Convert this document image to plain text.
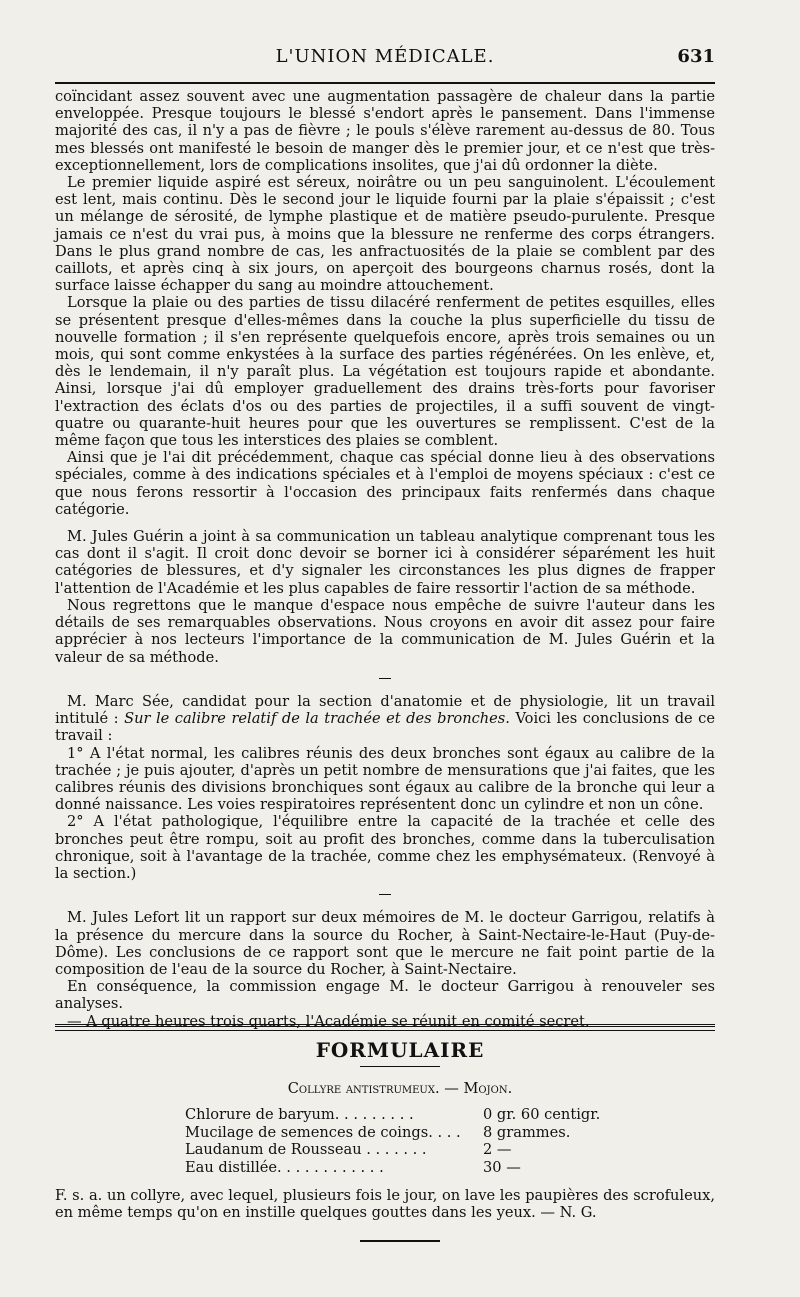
L'UNION MÉDICALE.	631

coïncidant assez souvent avec une augmentation passagère de chaleur dans la partie enveloppée. Presque toujours le blessé s'endort après le pansement. Dans l'immense majorité des cas, il n'y a pas de fièvre ; le pouls s'élève rarement au-dessus de 80. Tous mes blessés ont manifesté le besoin de manger dès le premier jour, et ce n'est que très-exceptionnellement, lors de complications insolites, que j'ai dû ordonner la diète.

Le premier liquide aspiré est séreux, noirâtre ou un peu sanguinolent. L'écoulement est lent, mais continu. Dès le second jour le liquide fourni par la plaie s'épaissit ; c'est un mélange de sérosité, de lymphe plastique et de matière pseudo-purulente. Presque jamais ce n'est du vrai pus, à moins que la blessure ne renferme des corps étrangers. Dans le plus grand nombre de cas, les anfractuosités de la plaie se comblent par des caillots, et après cinq à six jours, on aperçoit des bourgeons charnus rosés, dont la surface laisse échapper du sang au moindre attouchement.

Lorsque la plaie ou des parties de tissu dilacéré renferment de petites esquilles, elles se présentent presque d'elles-mêmes dans la couche la plus superficielle du tissu de nouvelle formation ; il s'en représente quelquefois encore, après trois semaines ou un mois, qui sont comme enkystées à la surface des parties régénérées. On les enlève, et, dès le lendemain, il n'y paraît plus. La végétation est toujours rapide et abondante. Ainsi, lorsque j'ai dû employer graduellement des drains très-forts pour favoriser l'extraction des éclats d'os ou des parties de projectiles, il a suffi souvent de vingt-quatre ou quarante-huit heures pour que les ouvertures se remplissent. C'est de la même façon que tous les interstices des plaies se comblent.

Ainsi que je l'ai dit précédemment, chaque cas spécial donne lieu à des observations spéciales, comme à des indications spéciales et à l'emploi de moyens spéciaux : c'est ce que nous ferons ressortir à l'occasion des principaux faits renfermés dans chaque catégorie.

M. Jules Guérin a joint à sa communication un tableau analytique comprenant tous les cas dont il s'agit. Il croit donc devoir se borner ici à considérer séparément les huit catégories de blessures, et d'y signaler les circonstances les plus dignes de frapper l'attention de l'Académie et les plus capables de faire ressortir l'action de sa méthode.

Nous regrettons que le manque d'espace nous empêche de suivre l'auteur dans les détails de ses remarquables observations. Nous croyons en avoir dit assez pour faire apprécier à nos lecteurs l'importance de la communication de M. Jules Guérin et la valeur de sa méthode.

M. Marc Sée, candidat pour la section d'anatomie et de physiologie, lit un travail intitulé : Sur le calibre relatif de la trachée et des bronches. Voici les conclusions de ce travail :

1° A l'état normal, les calibres réunis des deux bronches sont égaux au calibre de la trachée ; je puis ajouter, d'après un petit nombre de mensurations que j'ai faites, que les calibres réunis des divisions bronchiques sont égaux au calibre de la bronche qui leur a donné naissance. Les voies respiratoires représentent donc un cylindre et non un cône.

2° A l'état pathologique, l'équilibre entre la capacité de la trachée et celle des bronches peut être rompu, soit au profit des bronches, comme dans la tuberculisation chronique, soit à l'avantage de la trachée, comme chez les emphysémateux. (Renvoyé à la section.)

M. Jules Lefort lit un rapport sur deux mémoires de M. le docteur Garrigou, relatifs à la présence du mercure dans la source du Rocher, à Saint-Nectaire-le-Haut (Puy-de-Dôme). Les conclusions de ce rapport sont que le mercure ne fait point partie de la composition de l'eau de la source du Rocher, à Saint-Nectaire.

En conséquence, la commission engage M. le docteur Garrigou à renouveler ses analyses.

— A quatre heures trois quarts, l'Académie se réunit en comité secret.

FORMULAIRE
Collyre antistrumeux. — Mojon.
Chlorure de baryum. . . . . . . . .	0 gr. 60 centigr.
Mucilage de semences de coings. . . . 8 grammes.
Laudanum de Rousseau . . . . . . .	2 —
Eau distillée. . . . . . . . . . . .	30 —
F. s. a. un collyre, avec lequel, plusieurs fois le jour, on lave les paupières des scrofuleux, en même temps qu'on en instille quelques gouttes dans les yeux. — N. G.
